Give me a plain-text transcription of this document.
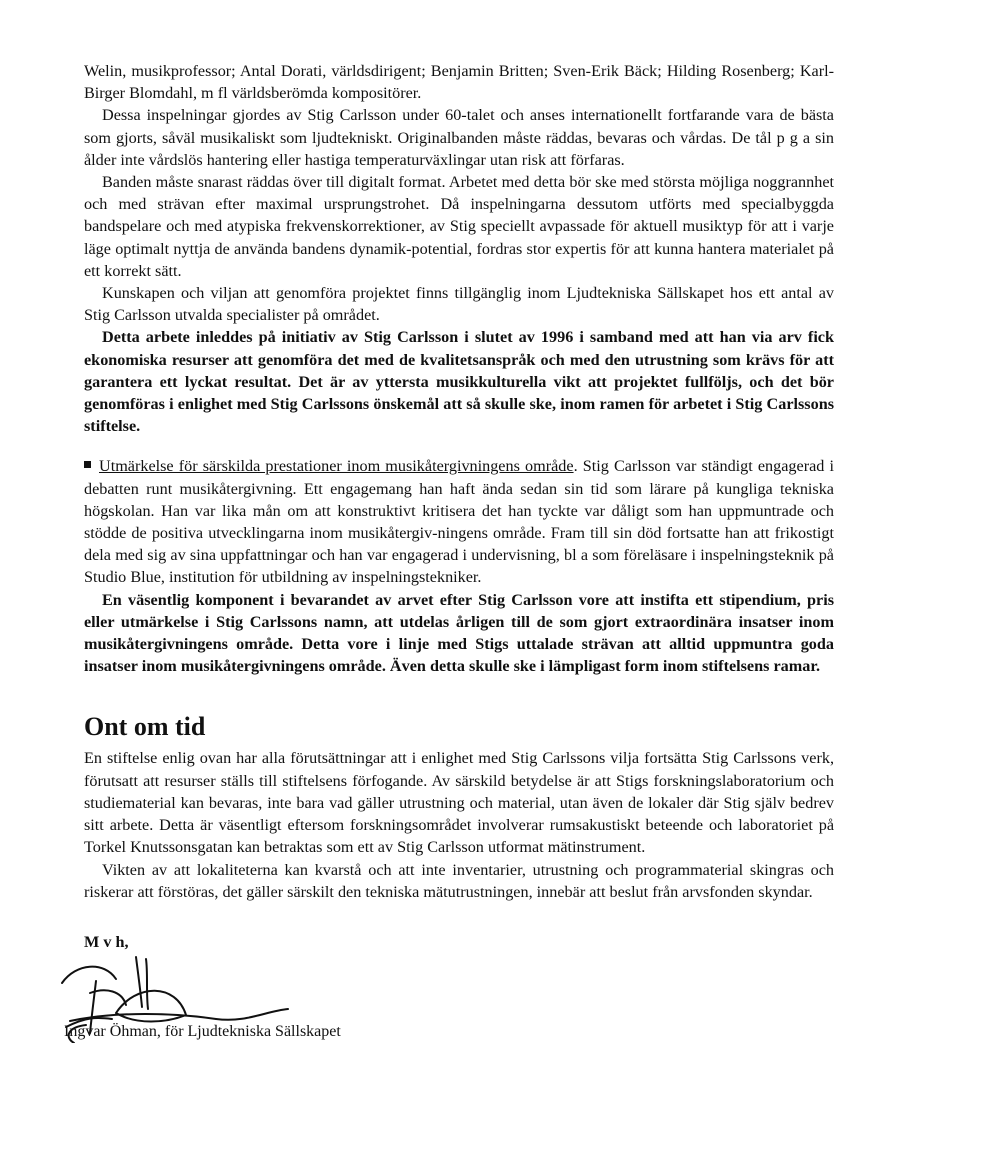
Welin, musikprofessor; Antal Dorati, världsdirigent; Benjamin Britten; Sven-Erik Bäck; Hilding Rosenberg; Karl-Birger Blomdahl, m fl världsberömda kompositörer.

Dessa inspelningar gjordes av Stig Carlsson under 60-talet och anses internationellt fortfarande vara de bästa som gjorts, såväl musikaliskt som ljudtekniskt. Originalbanden måste räddas, bevaras och vårdas. De tål p g a sin ålder inte vårdslös hantering eller hastiga temperaturväxlingar utan risk att förfaras.

Banden måste snarast räddas över till digitalt format. Arbetet med detta bör ske med största möjliga noggrannhet och med strävan efter maximal ursprungstrohet. Då inspelningarna dessutom utförts med specialbyggda bandspelare och med atypiska frekvenskorrektioner, av Stig speciellt avpassade för aktuell musiktyp för att i varje läge optimalt nyttja de använda bandens dynamik-potential, fordras stor expertis för att kunna hantera materialet på ett korrekt sätt.

Kunskapen och viljan att genomföra projektet finns tillgänglig inom Ljudtekniska Sällskapet hos ett antal av Stig Carlsson utvalda specialister på området.

Detta arbete inleddes på initiativ av Stig Carlsson i slutet av 1996 i samband med att han via arv fick ekonomiska resurser att genomföra det med de kvalitetsanspråk och med den utrustning som krävs för att garantera ett lyckat resultat. Det är av yttersta musikkulturella vikt att projektet fullföljs, och det bör genomföras i enlighet med Stig Carlssons önskemål att så skulle ske, inom ramen för arbetet i Stig Carlssons stiftelse.

Utmärkelse för särskilda prestationer inom musikåtergivningens område. Stig Carlsson var ständigt engagerad i debatten runt musikåtergivning. Ett engagemang han haft ända sedan sin tid som lärare på kungliga tekniska högskolan. Han var lika mån om att konstruktivt kritisera det han tyckte var dåligt som han uppmuntrade och stödde de positiva utvecklingarna inom musikåtergiv-ningens område. Fram till sin död fortsatte han att frikostigt dela med sig av sina uppfattningar och han var engagerad i undervisning, bl a som föreläsare i inspelningsteknik på Studio Blue, institution för utbildning av inspelningstekniker.

En väsentlig komponent i bevarandet av arvet efter Stig Carlsson vore att instifta ett stipendium, pris eller utmärkelse i Stig Carlssons namn, att utdelas årligen till de som gjort extraordinära insatser inom musikåtergivningens område. Detta vore i linje med Stigs uttalade strävan att alltid uppmuntra goda insatser inom musikåtergivningens område. Även detta skulle ske i lämpligast form inom stiftelsens ramar.

Ont om tid

En stiftelse enlig ovan har alla förutsättningar att i enlighet med Stig Carlssons vilja fortsätta Stig Carlssons verk, förutsatt att resurser ställs till stiftelsens förfogande. Av särskild betydelse är att Stigs forskningslaboratorium och studiematerial kan bevaras, inte bara vad gäller utrustning och material, utan även de lokaler där Stig själv bedrev sitt arbete. Detta är väsentligt eftersom forskningsområdet involverar rumsakustiskt beteende och laboratoriet på Torkel Knutssonsgatan kan betraktas som ett av Stig Carlsson utformat mätinstrument.

Vikten av att lokaliteterna kan kvarstå och att inte inventarier, utrustning och programmaterial skingras och riskerar att förstöras, det gäller särskilt den tekniska mätutrustningen, innebär att beslut från arvsfonden skyndar.

M v h,

Ingvar Öhman, för Ljudtekniska Sällskapet
